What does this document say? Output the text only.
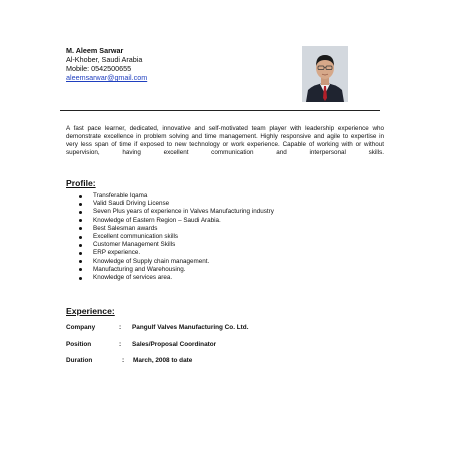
M. Aleem Sarwar
Al-Khober, Saudi Arabia
Mobile: 0542500655
aleemsarwar@gmail.com
A fast pace learner, dedicated, innovative and self-motivated team player with leadership experience who demonstrate excellence in problem solving and time management. Highly responsive and agile to expertise in very less span of time if exposed to new technology or work experience. Capable of working with or without supervision, having excellent communication and interpersonal skills.
Profile:
Transferable Iqama
Valid Saudi Driving License
Seven Plus years of experience in Valves Manufacturing industry
Knowledge of Eastern Region – Saudi Arabia.
Best Salesman awards
Excellent communication skills
Customer Management Skills
ERP experience.
Knowledge of Supply chain management.
Manufacturing and Warehousing.
Knowledge of services area.
Experience:
Company	: Pangulf Valves Manufacturing Co. Ltd.
Position	: Sales/Proposal Coordinator
Duration	: March, 2008 to date
